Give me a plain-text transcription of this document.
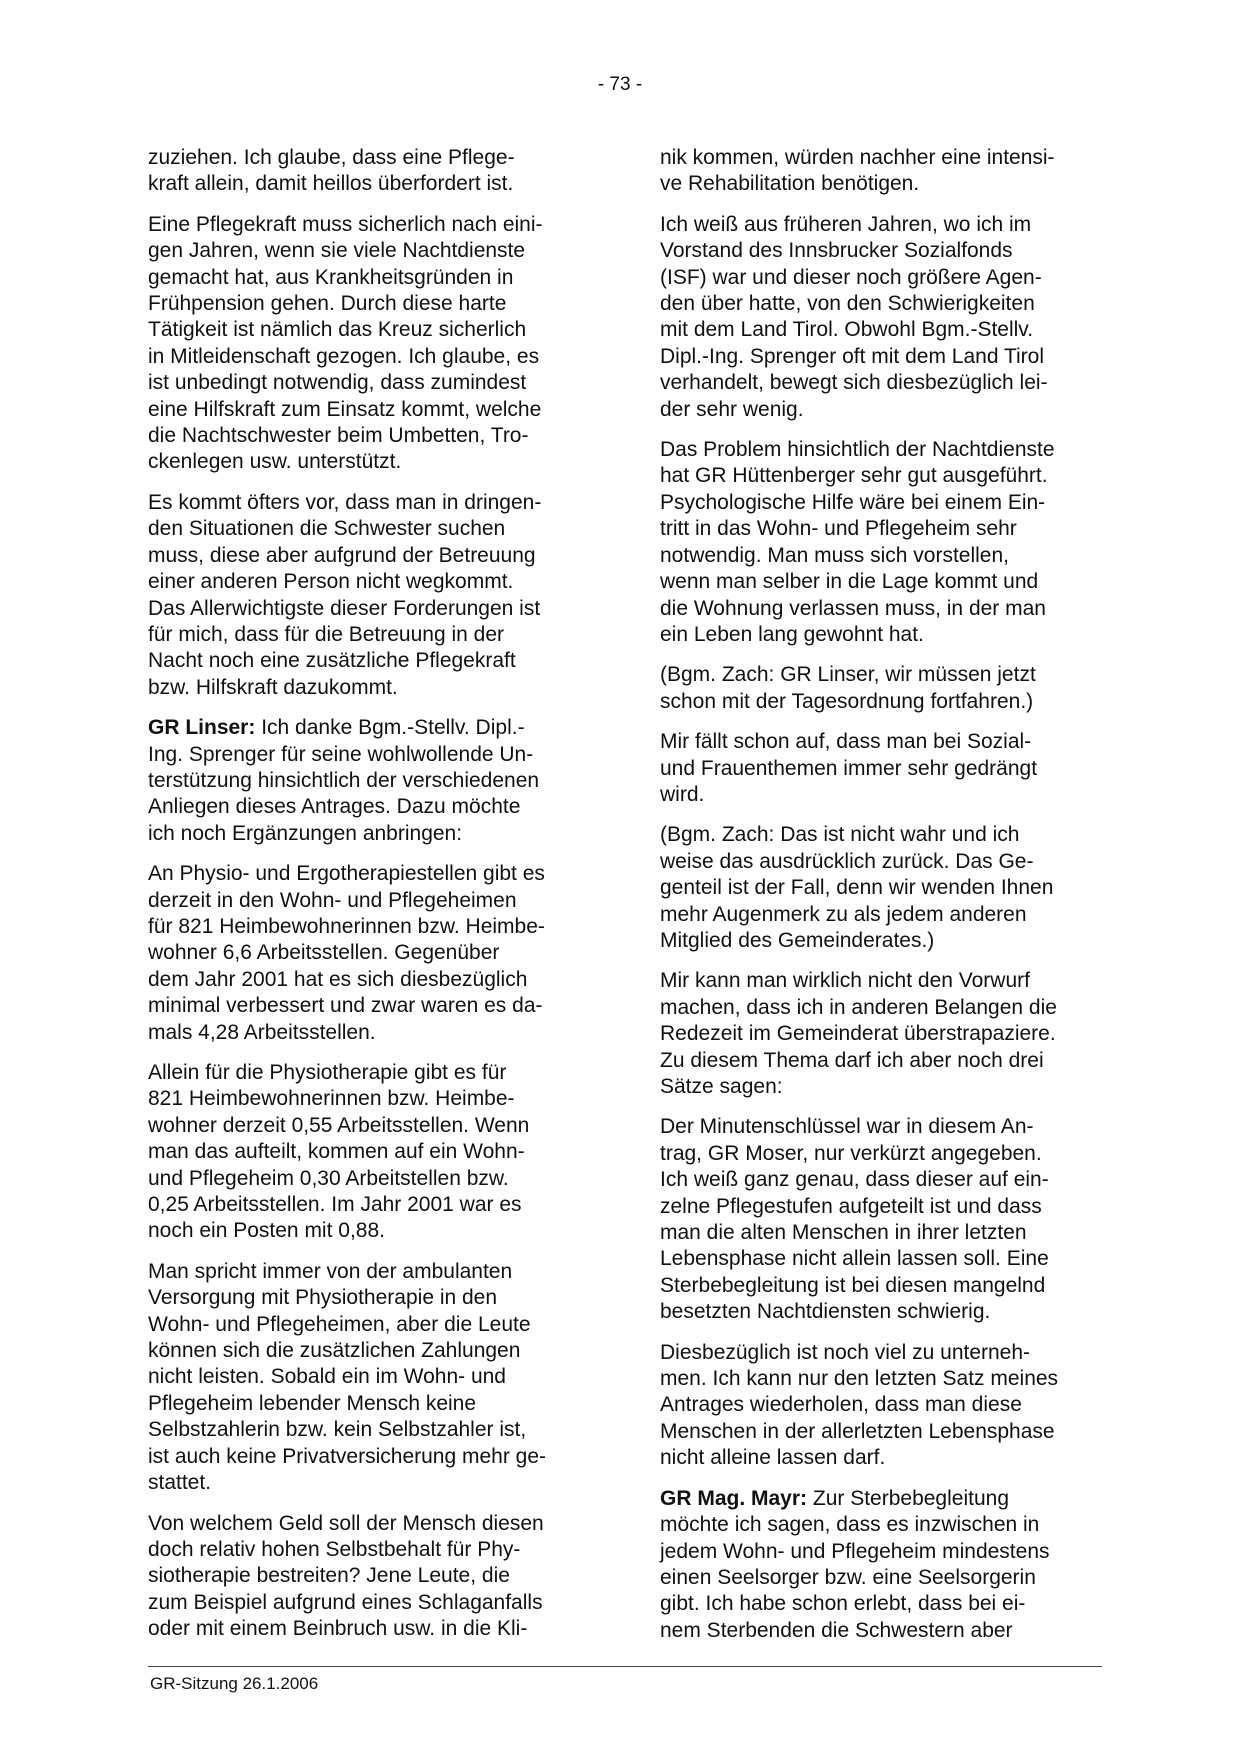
- 73 -
zuziehen. Ich glaube, dass eine Pflege-
kraft allein, damit heillos überfordert ist.
Eine Pflegekraft muss sicherlich nach eini-
gen Jahren, wenn sie viele Nachtdienste
gemacht hat, aus Krankheitsgründen in
Frühpension gehen. Durch diese harte
Tätigkeit ist nämlich das Kreuz sicherlich
in Mitleidenschaft gezogen. Ich glaube, es
ist unbedingt notwendig, dass zumindest
eine Hilfskraft zum Einsatz kommt, welche
die Nachtschwester beim Umbetten, Tro-
ckenlegen usw. unterstützt.
Es kommt öfters vor, dass man in dringen-
den Situationen die Schwester suchen
muss, diese aber aufgrund der Betreuung
einer anderen Person nicht wegkommt.
Das Allerwichtigste dieser Forderungen ist
für mich, dass für die Betreuung in der
Nacht noch eine zusätzliche Pflegekraft
bzw. Hilfskraft dazukommt.
GR Linser: Ich danke Bgm.-Stellv. Dipl.-
Ing. Sprenger für seine wohlwollende Un-
terstützung hinsichtlich der verschiedenen
Anliegen dieses Antrages. Dazu möchte
ich noch Ergänzungen anbringen:
An Physio- und Ergotherapiestellen gibt es
derzeit in den Wohn- und Pflegeheimen
für 821 Heimbewohnerinnen bzw. Heimbe-
wohner 6,6 Arbeitsstellen. Gegenüber
dem Jahr 2001 hat es sich diesbezüglich
minimal verbessert und zwar waren es da-
mals 4,28 Arbeitsstellen.
Allein für die Physiotherapie gibt es für
821 Heimbewohnerinnen bzw. Heimbe-
wohner derzeit 0,55 Arbeitsstellen. Wenn
man das aufteilt, kommen auf ein Wohn-
und Pflegeheim 0,30 Arbeitstellen bzw.
0,25 Arbeitsstellen. Im Jahr 2001 war es
noch ein Posten mit 0,88.
Man spricht immer von der ambulanten
Versorgung mit Physiotherapie in den
Wohn- und Pflegeheimen, aber die Leute
können sich die zusätzlichen Zahlungen
nicht leisten. Sobald ein im Wohn- und
Pflegeheim lebender Mensch keine
Selbstzahlerin bzw. kein Selbstzahler ist,
ist auch keine Privatversicherung mehr ge-
stattet.
Von welchem Geld soll der Mensch diesen
doch relativ hohen Selbstbehalt für Phy-
siotherapie bestreiten? Jene Leute, die
zum Beispiel aufgrund eines Schlaganfalls
oder mit einem Beinbruch usw. in die Kli-
nik kommen, würden nachher eine intensi-
ve Rehabilitation benötigen.
Ich weiß aus früheren Jahren, wo ich im
Vorstand des Innsbrucker Sozialfonds
(ISF) war und dieser noch größere Agen-
den über hatte, von den Schwierigkeiten
mit dem Land Tirol. Obwohl Bgm.-Stellv.
Dipl.-Ing. Sprenger oft mit dem Land Tirol
verhandelt, bewegt sich diesbezüglich lei-
der sehr wenig.
Das Problem hinsichtlich der Nachtdienste
hat GR Hüttenberger sehr gut ausgeführt.
Psychologische Hilfe wäre bei einem Ein-
tritt in das Wohn- und Pflegeheim sehr
notwendig. Man muss sich vorstellen,
wenn man selber in die Lage kommt und
die Wohnung verlassen muss, in der man
ein Leben lang gewohnt hat.
(Bgm. Zach: GR Linser, wir müssen jetzt
schon mit der Tagesordnung fortfahren.)
Mir fällt schon auf, dass man bei Sozial-
und Frauenthemen immer sehr gedrängt
wird.
(Bgm. Zach: Das ist nicht wahr und ich
weise das ausdrücklich zurück. Das Ge-
genteil ist der Fall, denn wir wenden Ihnen
mehr Augenmerk zu als jedem anderen
Mitglied des Gemeinderates.)
Mir kann man wirklich nicht den Vorwurf
machen, dass ich in anderen Belangen die
Redezeit im Gemeinderat überstrapaziere.
Zu diesem Thema darf ich aber noch drei
Sätze sagen:
Der Minutenschlüssel war in diesem An-
trag, GR Moser, nur verkürzt angegeben.
Ich weiß ganz genau, dass dieser auf ein-
zelne Pflegestufen aufgeteilt ist und dass
man die alten Menschen in ihrer letzten
Lebensphase nicht allein lassen soll. Eine
Sterbebegleitung ist bei diesen mangelnd
besetzten Nachtdiensten schwierig.
Diesbezüglich ist noch viel zu unterneh-
men. Ich kann nur den letzten Satz meines
Antrages wiederholen, dass man diese
Menschen in der allerletzten Lebensphase
nicht alleine lassen darf.
GR Mag. Mayr: Zur Sterbebegleitung
möchte ich sagen, dass es inzwischen in
jedem Wohn- und Pflegeheim mindestens
einen Seelsorger bzw. eine Seelsorgerin
gibt. Ich habe schon erlebt, dass bei ei-
nem Sterbenden die Schwestern aber
GR-Sitzung 26.1.2006
